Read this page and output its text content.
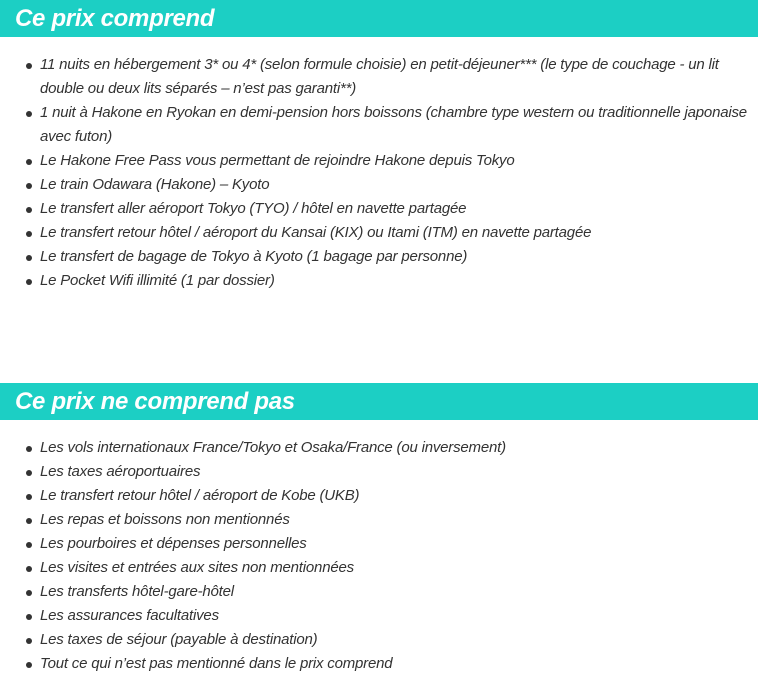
Ce prix comprend
11 nuits en hébergement 3* ou 4* (selon formule choisie) en petit-déjeuner*** (le type de couchage - un lit double ou deux lits séparés – n’est pas garanti**)
1 nuit à Hakone en Ryokan en demi-pension hors boissons (chambre type western ou traditionnelle japonaise avec futon)
Le Hakone Free Pass vous permettant de rejoindre Hakone depuis Tokyo
Le train Odawara (Hakone) – Kyoto
Le transfert aller aéroport Tokyo (TYO) / hôtel en navette partagée
Le transfert retour hôtel / aéroport du Kansai (KIX) ou Itami (ITM) en navette partagée
Le transfert de bagage de Tokyo à Kyoto (1 bagage par personne)
Le Pocket Wifi illimité (1 par dossier)
Ce prix ne comprend pas
Les vols internationaux France/Tokyo et Osaka/France (ou inversement)
Les taxes aéroportuaires
Le transfert retour hôtel / aéroport de Kobe (UKB)
Les repas et boissons non mentionnés
Les pourboires et dépenses personnelles
Les visites et entrées aux sites non mentionnées
Les transferts hôtel-gare-hôtel
Les assurances facultatives
Les taxes de séjour (payable à destination)
Tout ce qui n’est pas mentionné dans le prix comprend
